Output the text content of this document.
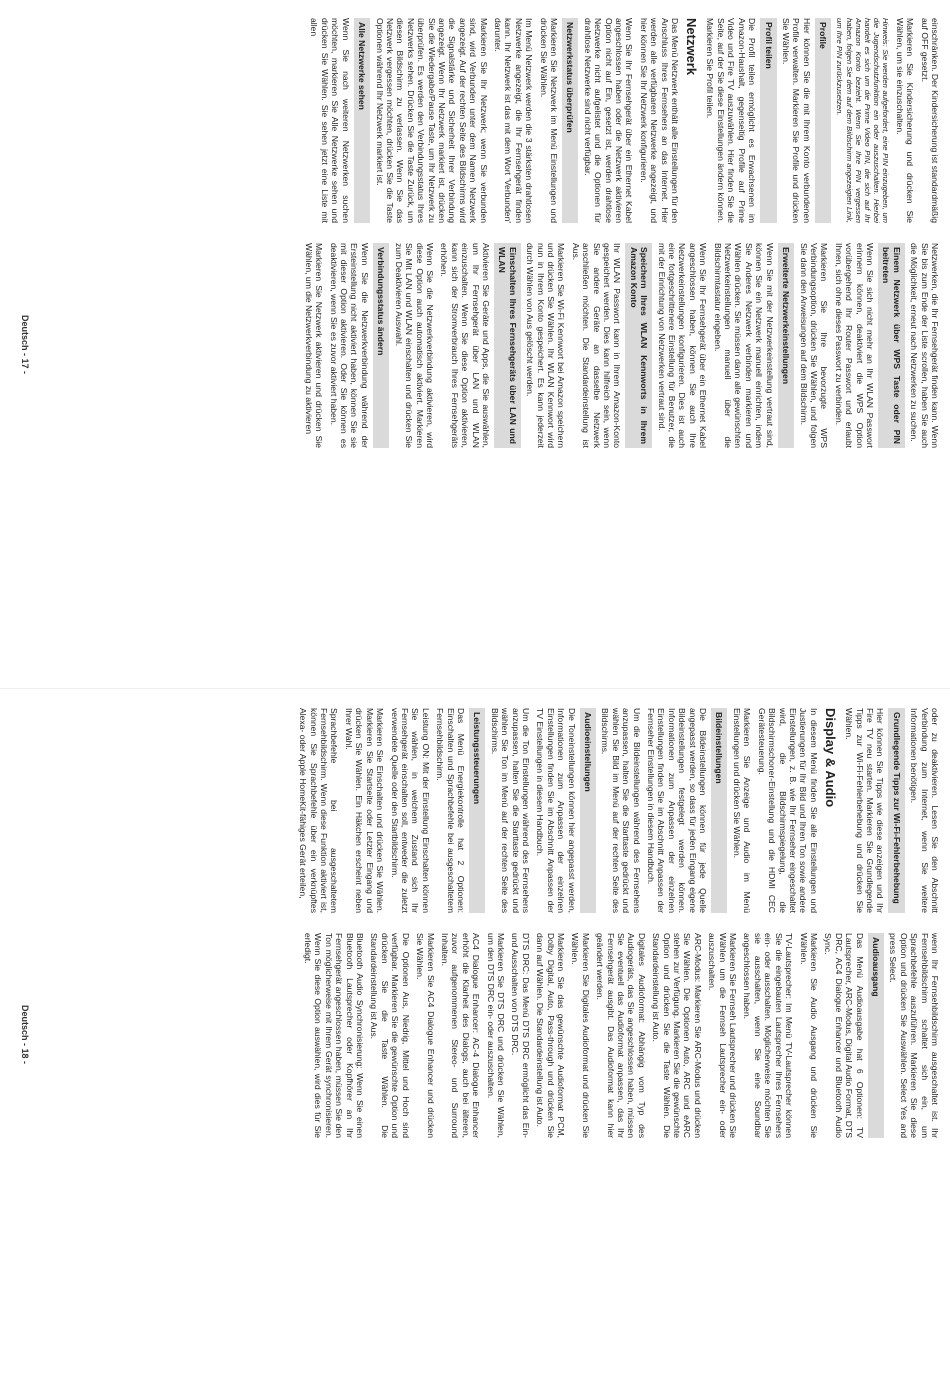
einschränken. Der Kindersicherung ist standardmäßig auf OFF gesetzt.

Markieren Sie Kindersicherung und drücken Sie Wählen, um sie einzuschalten.

Hinweis: Sie werden aufgefordert, eine PIN einzugeben, um die Jugendschutzfunktion ein oder auszuschalten. Hierbei handelt es sich um die Prime Video PIN, die sich auf Ihr Amazon Konto bezieht. Wenn Sie Ihre PIN vergessen haben, folgen Sie dem auf dem Bildschirm angezeigten Link, um Ihre PIN zurückzusetzen.

Profile

Hier können Sie die mit Ihrem Konto verbundenen Profile verwalten. Markieren Sie Profile und drücken Sie Wählen.

Profil teilen

Die Profil teilen ermöglicht es Erwachsenen im Amazon-Haushalt, gegenseitig Profile auf Prime Video und Fire TV auszuwählen. Hier finden Sie die Seite, auf der Sie diese Einstellungen ändern können. Markieren Sie Profil teilen.

Netzwerk

Das Menü Netzwerk enthält alle Einstellungen für den Anschluss Ihres Fernsehers an das Internet. Hier werden alle verfügbaren Netzwerke angezeigt, und hier können Sie Ihr Netzwerk konfigurieren.

Wenn Sie Ihr Fernsehgerät über ein Ethernet Kabel angeschlossen haben oder die Netzwerk aktivieren Option nicht auf Ein, gesetzt ist, werden drahtlose Netzwerke nicht aufgelistet und die Optionen für drahtlose Netzwerke sind nicht verfügbar.

Netzwerkstatus überprüfen

Markieren Sie Netzwerk im Menü Einstellungen und drücken Sie Wählen.

Im Menü Netzwerk werden die 3 stärksten drahtlosen Netzwerke angezeigt, die Ihr Fernsehgerät finden kann. Ihr Netzwerk ist das mit dem Wort 'Verbunden' darunter.

Markieren Sie Ihr Netzwerk; wenn Sie verbunden sind, wird Verbunden unter dem Namen Netzwerk angezeigt. Auf der rechten Seite des Bildschirms wird die Signalstärke und Sicherheit Ihrer Verbindung angezeigt. Wenn Ihr Netzwerk markiert ist, drücken Sie die Wiedergabe/Pause Taste, um Ihr Netzwerk zu überprüfen. Es werden den Verbindungsstatus Ihres Netzwerks sehen. Drücken Sie die Taste Zurück, um diesen Bildschirm zu verlassen. Wenn Sie das Netzwerk vergessen möchten, drücken Sie die Taste Optionen während Ihr Netzwerk markiert ist.

Alle Netzwerke sehen

Wenn Sie nach weiteren Netzwerken suchen möchten, markieren Sie Alle Netzwerke sehen und drücken Sie Wählen. Sie sehen jetzt eine Liste mit allen

Netzwerken, die Ihr Fernsehgerät finden kann. Wenn Sie bis zum Ende der Liste scrollen, haben Sie auch die Möglichkeit, erneut nach Netzwerken zu suchen.

Einem Netzwerk über WPS Taste oder PIN beitreten

Wenn Sie sich nicht mehr an Ihr WLAN Passwort erinnern können, deaktiviert die WPS Option vorübergehend Ihr Router Passwort und erlaubt Ihnen, sich ohne dieses Passwort zu verbinden.

Markieren Sie Ihre bevorzugte WPS Verbindungsoption, drücken Sie Wählen, und folgen Sie dann den Anweisungen auf dem Bildschirm.

Erweiterte Netzwerkeinstellungen

Wenn Sie mit der Netzwerkeinstellung vertraut sind, können Sie ein Netzwerk manuell einrichten, indem Sie Anderes Netzwerk verbinden markieren und Wählen drücken. Sie müssen dann alle gewünschten Netzwerkeinstellungen manuell über die Bildschirmtastatur eingeben.

Wenn Sie Ihr Fernsehgerät über ein Ethernet Kabel angeschlossen haben, können Sie auch Ihre Netzwerkeinstellungen konfigurieren. Dies ist auch eine fortgeschrittenere Einstellung für Benutzer, die mit der Einrichtung von Netzwerken vertraut sind.

Speichern Ihres WLAN Kennworts in Ihrem Amazon Konto

Ihr WLAN Passwort kann in Ihrem Amazon-Konto gespeichert werden. Dies kann hilfreich sein, wenn Sie andere Geräte an dasselbe Netzwerk anschließen möchten. Die Standardeinstellung ist Aus.

Markieren Sie Wi-Fi Kennwort bei Amazon speichern und drücken Sie Wählen. Ihr WLAN Kennwort wird nun in Ihrem Konto gespeichert. Es kann jederzeit durch Wählen von Aus gelöscht werden.

Einschalten Ihres Fernsehgeräts über LAN und WLAN

Aktivieren Sie Geräte und Apps, die Sie auswählen, um Ihr Fernsehgerät über LAN und WLAN einzuschalten. Wenn Sie diese Option aktivieren, kann sich der Stromverbrauch Ihres Fernsehgeräts erhöhen.

Wenn Sie die Netzwerkverbindung aktivieren, wird diese Option auch automatisch aktiviert. Markieren Sie Mit LAN und WLAN einschalten und drücken Sie zum Deaktivieren Auswahl.

Verbindungsstatus ändern

Wenn Sie die Netzwerkverbindung während der Ersteinstellung nicht aktiviert haben, können Sie sie mit dieser Option aktivieren. Oder Sie können es deaktivieren, wenn Sie es zuvor aktiviert haben.

Markieren Sie Netzwerk aktivieren und drücken Sie Wählen, um die Netzwerkverbindung zu aktivieren

Deutsch - 17 -

oder zu deaktivieren. Lesen Sie den Abschnitt Verbindung zum Internet, wenn Sie weitere Informationen benötigen.

Grundlegende Tipps zur Wi-Fi-Fehlerbehebung

Hier können Sie Tipps wie diese anzeigen und Ihr Fire TV neu starten. Markieren Sie Grundlegende Tipps zur Wi-Fi-Fehlerbehebung und drücken Sie Wählen.

Display & Audio

In diesem Menü finden Sie alle Einstellungen und Justierungen für Ihr Bild und Ihren Ton sowie andere Einstellungen, z. B. wie Ihr Fernseher eingeschaltet wird, die Bildschirmspiegelung, die Bildschirmschoner-Einstellung und die HDMI CEC Gerätesteuerung.

Markieren Sie Anzeige und Audio im Menü Einstellungen und drücken Sie Wählen.

Bildeinstellungen

Die Bildeinstellungen können für jede Quelle angepasst werden, so dass für jeden Eingang eigene Bildeinstellungen festgelegt werden können. Informationen zum Anpassen der einzelnen Einstellungen finden Sie im Abschnitt Anpassen der Fernseher Einstellungen in diesem Handbuch.

Um die Bildeinstellungen während des Fernsehens anzupassen, halten Sie die Starttaste gedrückt und wählen Sie Bild im Menü auf der rechten Seite des Bildschirms.

Audioeinstellungen

Die Toneinstellungen können hier angepasst werden, Informationen zum Anpassen der einzelnen Einstellungen finden Sie im Abschnitt Anpassen der TV Einstellungen in diesem Handbuch.

Um die Ton Einstellungen während des Fernsehens anzupassen, halten Sie die Starttaste gedrückt und wählen Sie Ton im Menü auf der rechten Seite des Bildschirms.

Leistungssteuerungen

Das Menü Energiekontrolle hat 2 Optionen: Einschalten und Sprachbefehle bei ausgeschaltetem Fernsehbildschirm.

Leistung ON: Mit der Einstellung Einschalten können Sie wählen, in welchem Zustand sich Ihr Fernsehgerät einschalten soll, entweder die zuletzt verwendete Quelle oder den Startbildschirm.

Markieren Sie Einschalten und drücken Sie Wählen. Markieren Sie Startseite oder Letzter Eingang und drücken Sie Wählen. Ein Häkchen erscheint neben Ihrer Wahl.

Sprachbefehle bei ausgeschaltetem Fernsehbildschirm. Wenn diese Funktion aktiviert ist, können Sie Sprachbefehle über ein verknüpftes Alexa- oder Apple HomeKit-fähiges Gerät erteilen,

wenn Ihr Fernsehbildschirm ausgeschaltet ist. Ihr Fernsehbildschirm schaltet sich ein, um Sprachbefehle auszuführen. Markieren Sie diese Option und drücken Sie Auswählen. Select Yes and press Select.

Audioausgang

Das Menü Audioausgabe hat 6 Optionen: TV Lautsprecher, ARC-Modus, Digital Audio Format, DTS DRC, AC4 Dialogue Enhancer und Bluetooth Audio Sync.

Markieren Sie Audio Ausgang und drücken Sie Wählen.

TV-Lautsprecher: Im Menü TV-Lautsprecher können Sie die eingebauten Lautsprecher Ihres Fernsehers ein- oder ausschalten. Möglicherweise möchten Sie sie ausschalten, wenn Sie eine Soundbar angeschlossen haben.

Markieren Sie Fernseh Lautsprecher und drücken Sie Wählen um die Fernseh Lautsprecher ein- oder auszuschalten.

ARC-Modus: Markieren Sie ARC-Modus und drücken Sie Wählen. Die Optionen Auto, ARC und eARC stehen zur Verfügung. Markieren Sie die gewünschte Option und drücken Sie die Taste Wählen. Die Standardeinstellung ist Auto.

Digitales Audioformat: Abhängig vom Typ des Audiogeräts, das Sie angeschlossen haben, müssen Sie eventuell das Audioformat anpassen, das Ihr Fernsehgerät ausgibt. Das Audioformat kann hier geändert werden.

Markieren Sie Digitales Audioformat und drücken Sie Wählen.

Markieren Sie das gewünschte Audioformat PCM, Dolby Digital, Auto, Pass-through und drücken Sie dann auf Wählen. Die Standardeinstellung ist Auto.

DTS DRC: Das Menü DTS DRC ermöglicht das Ein- und Ausschalten von DTS DRC.

Markieren Sie DTS DRC und drücken Sie Wählen, um den DTS DRC ein- oder auszuschalten.

AC4 Dialogue Enhancer: AC-4 Dialogue Enhancer erhöht die Klarheit des Dialogs, auch bei älteren, zuvor aufgenommenen Stereo- und Surround Inhalten.

Markieren Sie AC4 Dialogue Enhancer und drücken Sie Wählen.

Die Optionen Aus, Niedrig, Mittel und Hoch sind verfügbar. Markieren Sie die gewünschte Option und drücken Sie die Taste Wählen. Die Standardeinstellung ist Aus.

Bluetooth Audio Synchronisierung: Wenn Sie einen Bluetooth Lautsprecher oder Kopfhörer an Ihr Fernsehgerät angeschlossen haben, müssen Sie den Ton möglicherweise mit Ihrem Gerät synchronisieren. Wenn Sie diese Option auswählen, wird dies für Sie erledigt.

Deutsch - 18 -
